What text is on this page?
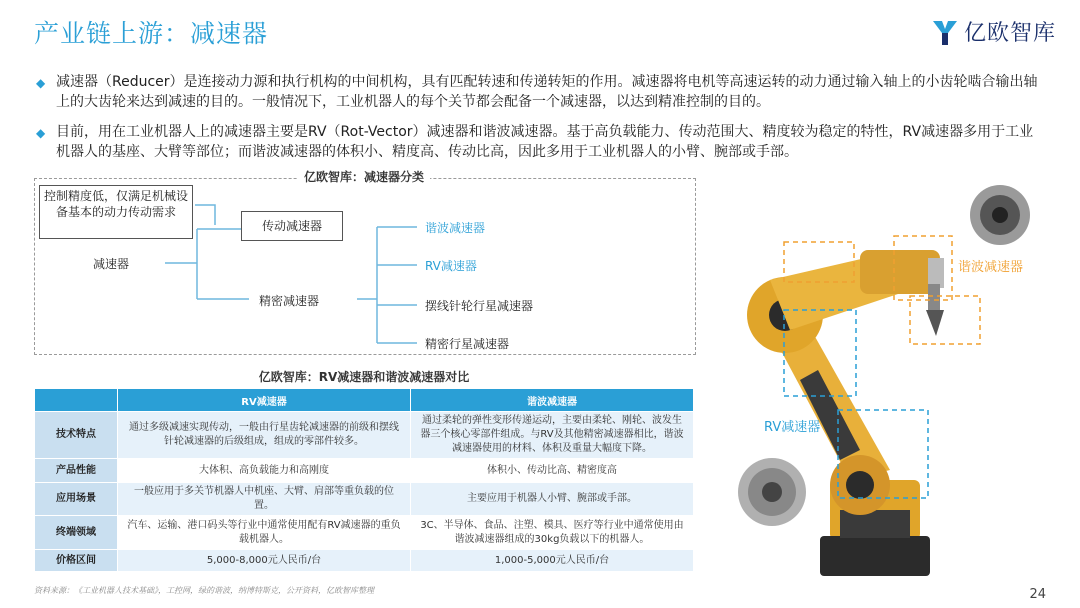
产业链上游：减速器	亿欧智库
◆ 减速器（Reducer）是连接动力源和执行机构的中间机构，具有匹配转速和传递转矩的作用。减速器将电机等高速运转的动力通过输入轴上的小齿轮啮合输出轴上的大齿轮来达到减速的目的。一般情况下，工业机器人的每个关节都会配备一个减速器，以达到精准控制的目的。
◆ 目前，用在工业机器人上的减速器主要是RV（Rot-Vector）减速器和谐波减速器。基于高负载能力、传动范围大、精度较为稳定的特性，RV减速器多用于工业机器人的基座、大臂等部位；而谐波减速器的体积小、精度高、传动比高，因此多用于工业机器人的小臂、腕部或手部。
控制精度低，仅满足机械设备基本的动力传动需求
传动减速器
减速器
精密减速器
谐波减速器
RV减速器
摆线针轮行星减速器
精密行星减速器
亿欧智库：减速器分类
亿欧智库：RV减速器和谐波减速器对比
	RV减速器	谐波减速器
技术特点	通过多级减速实现传动，一般由行星齿轮减速器的前级和摆线针轮减速器的后级组成，组成的零部件较多。	通过柔轮的弹性变形传递运动，主要由柔轮、刚轮、波发生器三个核心零部件组成。与RV及其他精密减速器相比，谐波减速器使用的材料、体积及重量大幅度下降。
产品性能	大体积、高负载能力和高刚度	体积小、传动比高、精密度高
应用场景	一般应用于多关节机器人中机座、大臂、肩部等重负载的位置。	主要应用于机器人小臂、腕部或手部。
终端领域	汽车、运输、港口码头等行业中通常使用配有RV减速器的重负载机器人。	3C、半导体、食品、注塑、模具、医疗等行业中通常使用由谐波减速器组成的30kg负载以下的机器人。
价格区间	5,000-8,000元人民币/台	1,000-5,000元人民币/台
谐波减速器
RV减速器
资料来源：《工业机器人技术基础》，工控网，绿的谐波，纳博特斯克，公开资料，亿欧智库整理	24
